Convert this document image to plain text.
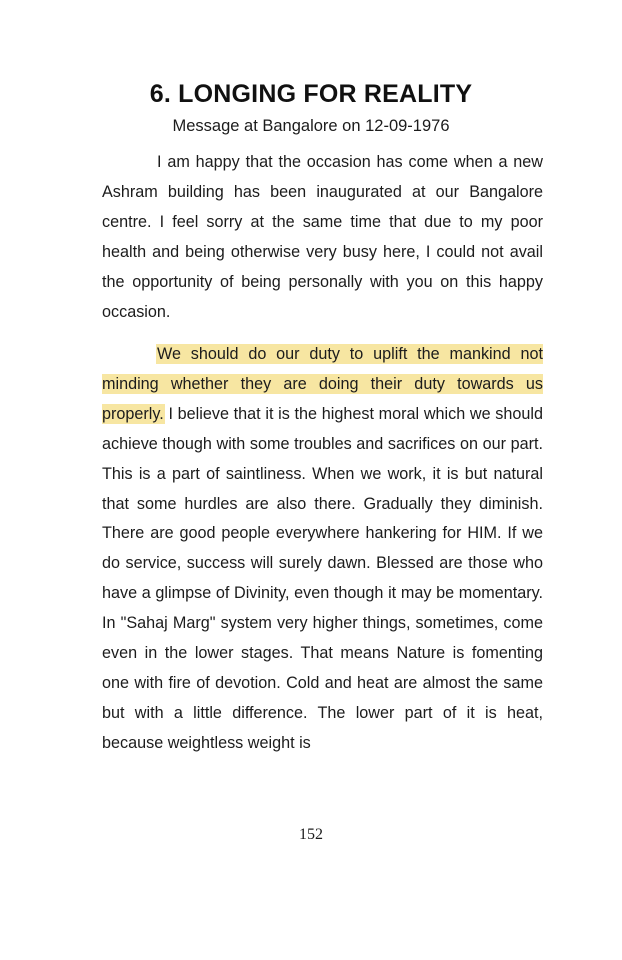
6. LONGING FOR REALITY
Message at Bangalore on 12-09-1976

I am happy that the occasion has come when a new Ashram building has been inaugurated at our Bangalore centre. I feel sorry at the same time that due to my poor health and being otherwise very busy here, I could not avail the opportunity of being personally with you on this happy occasion.

We should do our duty to uplift the mankind not minding whether they are doing their duty towards us properly. I believe that it is the highest moral which we should achieve though with some troubles and sacrifices on our part. This is a part of saintliness. When we work, it is but natural that some hurdles are also there. Gradually they diminish. There are good people everywhere hankering for HIM. If we do service, success will surely dawn. Blessed are those who have a glimpse of Divinity, even though it may be momentary. In "Sahaj Marg" system very higher things, sometimes, come even in the lower stages. That means Nature is fomenting one with fire of devotion. Cold and heat are almost the same but with a little difference. The lower part of it is heat, because weightless weight is

152
